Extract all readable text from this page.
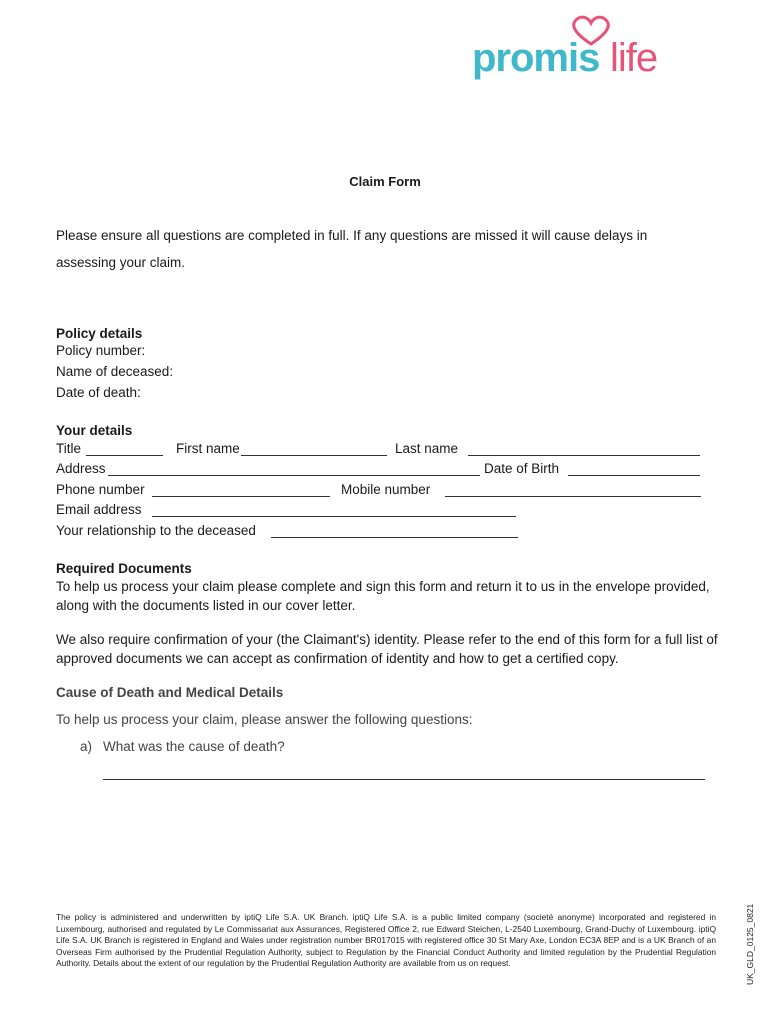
promis life
Claim Form
Please ensure all questions are completed in full. If any questions are missed it will cause delays in assessing your claim.
Policy details
Policy number:
Name of deceased:
Date of death:
Your details
Title	First name	Last name
Address	Date of Birth
Phone number	Mobile number
Email address
Your relationship to the deceased
Required Documents
To help us process your claim please complete and sign this form and return it to us in the envelope provided, along with the documents listed in our cover letter.
We also require confirmation of your (the Claimant's) identity. Please refer to the end of this form for a full list of approved documents we can accept as confirmation of identity and how to get a certified copy.
Cause of Death and Medical Details
To help us process your claim, please answer the following questions:
a) What was the cause of death?
The policy is administered and underwritten by iptiQ Life S.A. UK Branch. iptiQ Life S.A. is a public limited company (societé anonyme) incorporated and registered in Luxembourg, authorised and regulated by Le Commissariat aux Assurances, Registered Office 2, rue Edward Steichen, L-2540 Luxembourg, Grand-Duchy of Luxembourg. iptiQ Life S.A. UK Branch is registered in England and Wales under registration number BR017015 with registered office 30 St Mary Axe, London EC3A 8EP and is a UK Branch of an Overseas Firm authorised by the Prudential Regulation Authority, subject to Regulation by the Financial Conduct Authority and limited regulation by the Prudential Regulation Authority. Details about the extent of our regulation by the Prudential Regulation Authority are available from us on request.	UK_GLD_0125_0821
